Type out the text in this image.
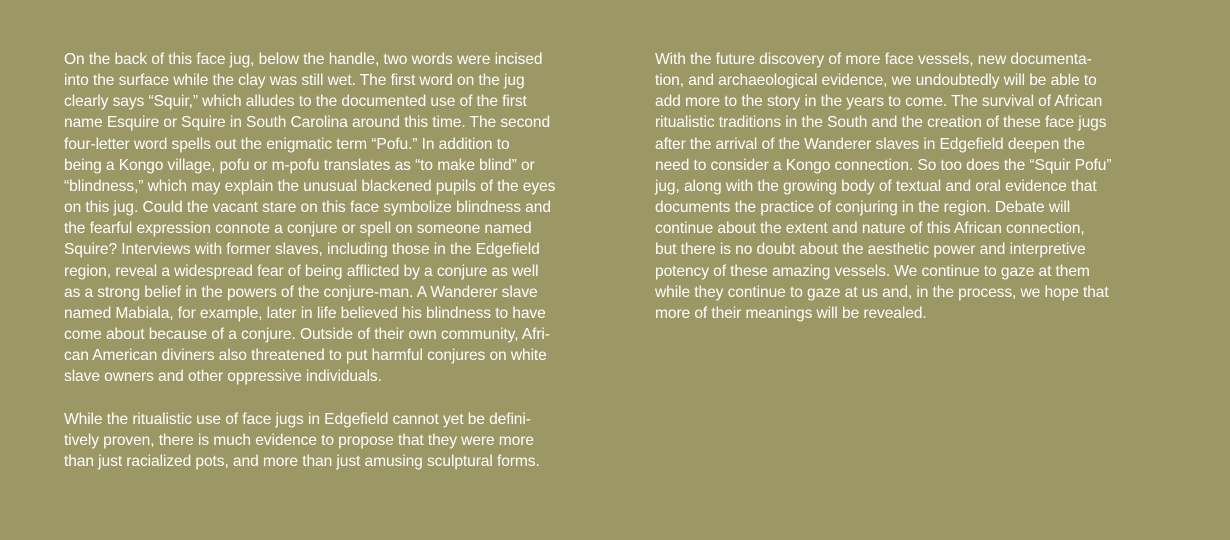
On the back of this face jug, below the handle, two words were incised
into the surface while the clay was still wet. The first word on the jug
clearly says “Squir,” which alludes to the documented use of the first
name Esquire or Squire in South Carolina around this time. The second
four-letter word spells out the enigmatic term “Pofu.” In addition to
being a Kongo village, pofu or m-pofu translates as “to make blind” or
“blindness,” which may explain the unusual blackened pupils of the eyes
on this jug. Could the vacant stare on this face symbolize blindness and
the fearful expression connote a conjure or spell on someone named
Squire? Interviews with former slaves, including those in the Edgefield
region, reveal a widespread fear of being afflicted by a conjure as well
as a strong belief in the powers of the conjure-man. A Wanderer slave
named Mabiala, for example, later in life believed his blindness to have
come about because of a conjure. Outside of their own community, Afri-
can American diviners also threatened to put harmful conjures on white
slave owners and other oppressive individuals.
While the ritualistic use of face jugs in Edgefield cannot yet be defini-
tively proven, there is much evidence to propose that they were more
than just racialized pots, and more than just amusing sculptural forms.
With the future discovery of more face vessels, new documenta-
tion, and archaeological evidence, we undoubtedly will be able to
add more to the story in the years to come. The survival of African
ritualistic traditions in the South and the creation of these face jugs
after the arrival of the Wanderer slaves in Edgefield deepen the
need to consider a Kongo connection. So too does the “Squir Pofu”
jug, along with the growing body of textual and oral evidence that
documents the practice of conjuring in the region. Debate will
continue about the extent and nature of this African connection,
but there is no doubt about the aesthetic power and interpretive
potency of these amazing vessels. We continue to gaze at them
while they continue to gaze at us and, in the process, we hope that
more of their meanings will be revealed.
